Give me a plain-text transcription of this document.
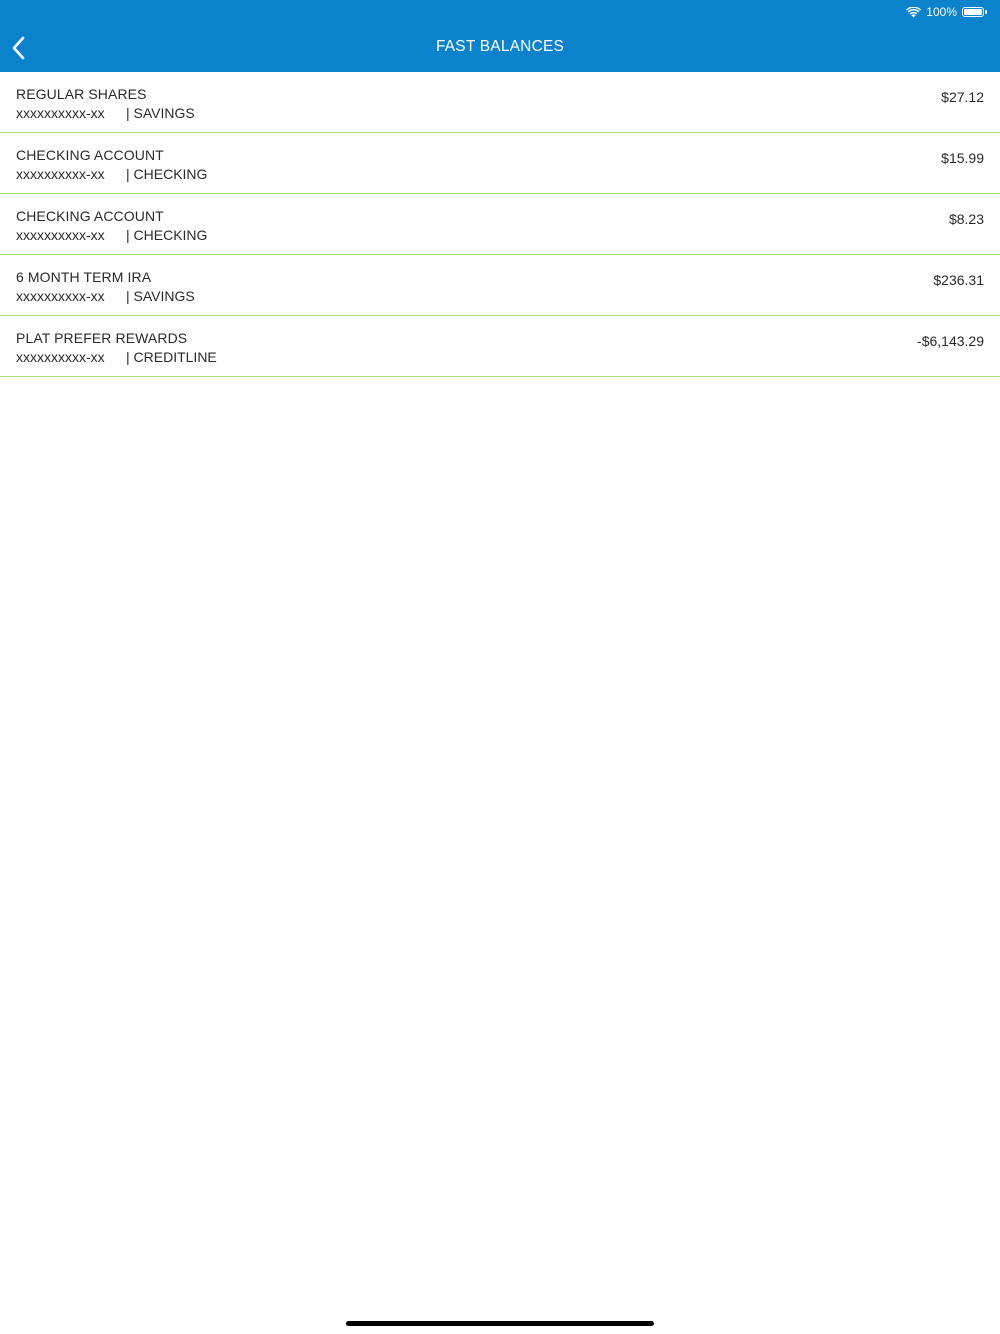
100%
FAST BALANCES
REGULAR SHARES
xxxxxxxxxx-xx | SAVINGS
$27.12
CHECKING ACCOUNT
xxxxxxxxxx-xx | CHECKING
$15.99
CHECKING ACCOUNT
xxxxxxxxxx-xx | CHECKING
$8.23
6 MONTH TERM IRA
xxxxxxxxxx-xx | SAVINGS
$236.31
PLAT PREFER REWARDS
xxxxxxxxxx-xx | CREDITLINE
-$6,143.29
